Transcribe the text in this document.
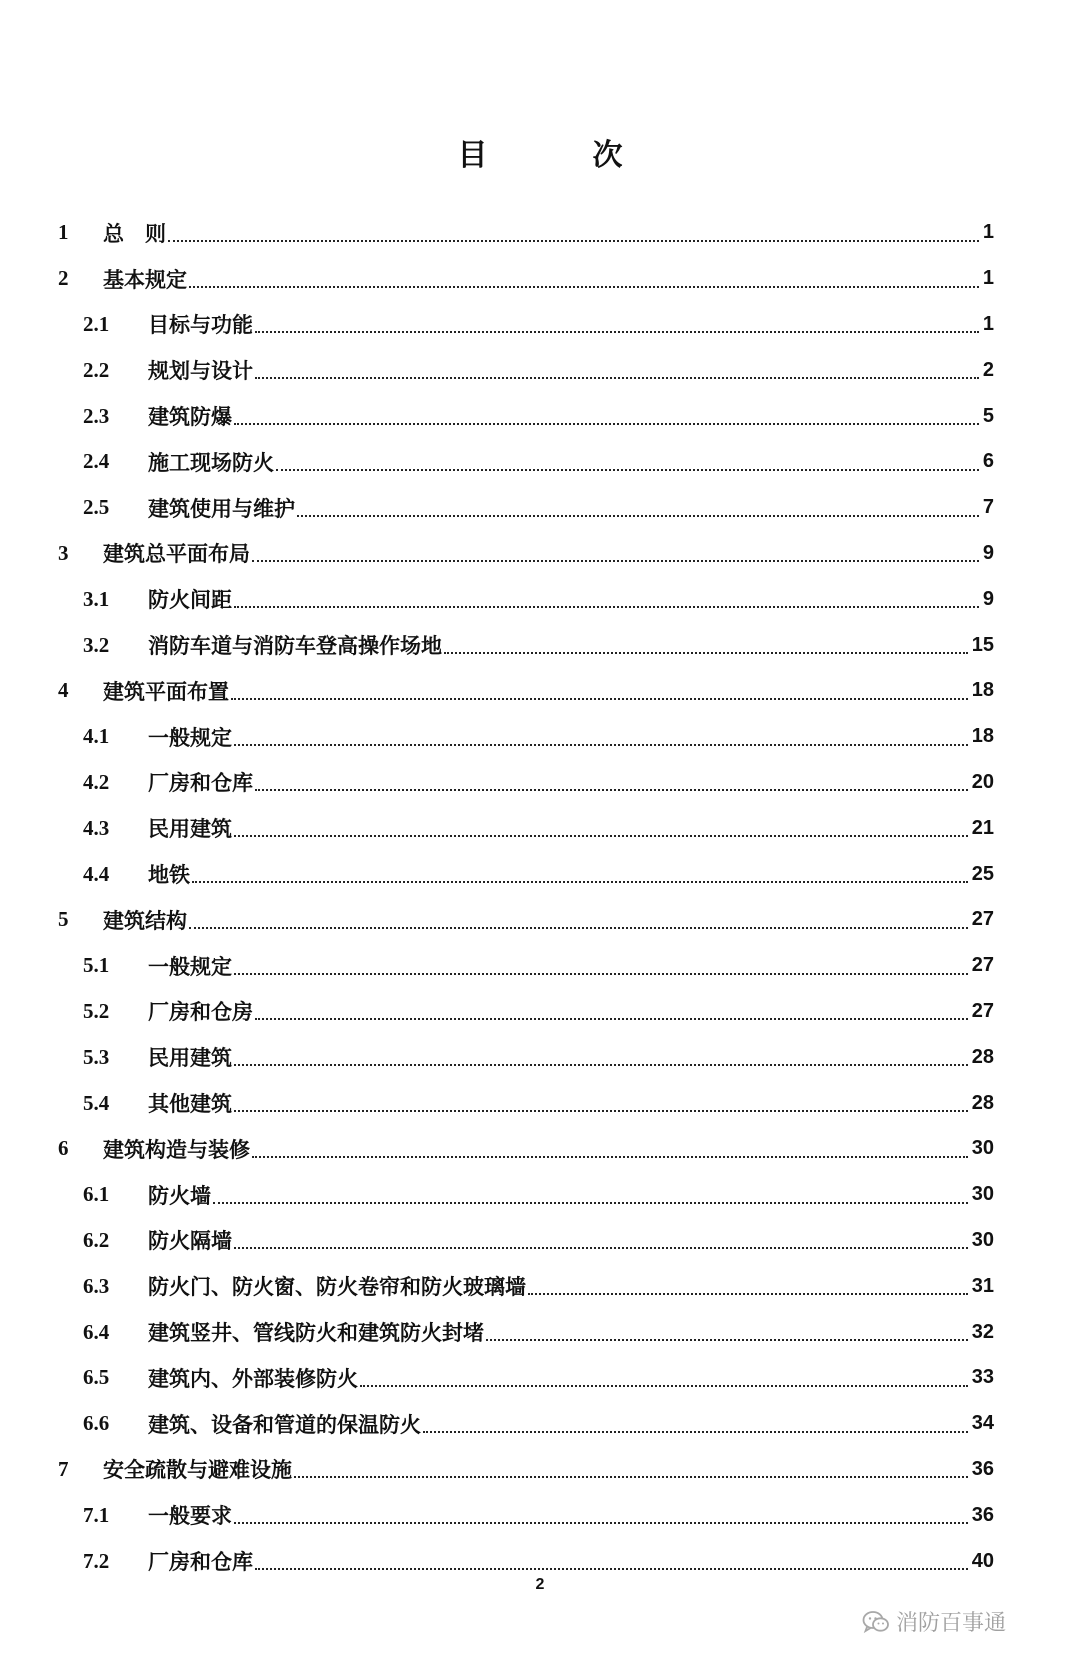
目	次
1	总　则	1
2	基本规定	1
2.1	目标与功能	1
2.2	规划与设计	2
2.3	建筑防爆	5
2.4	施工现场防火	6
2.5	建筑使用与维护	7
3	建筑总平面布局	9
3.1	防火间距	9
3.2	消防车道与消防车登高操作场地	15
4	建筑平面布置	18
4.1	一般规定	18
4.2	厂房和仓库	20
4.3	民用建筑	21
4.4	地铁	25
5	建筑结构	27
5.1	一般规定	27
5.2	厂房和仓房	27
5.3	民用建筑	28
5.4	其他建筑	28
6	建筑构造与装修	30
6.1	防火墙	30
6.2	防火隔墙	30
6.3	防火门、防火窗、防火卷帘和防火玻璃墙	31
6.4	建筑竖井、管线防火和建筑防火封堵	32
6.5	建筑内、外部装修防火	33
6.6	建筑、设备和管道的保温防火	34
7	安全疏散与避难设施	36
7.1	一般要求	36
7.2	厂房和仓库	40
2
消防百事通
